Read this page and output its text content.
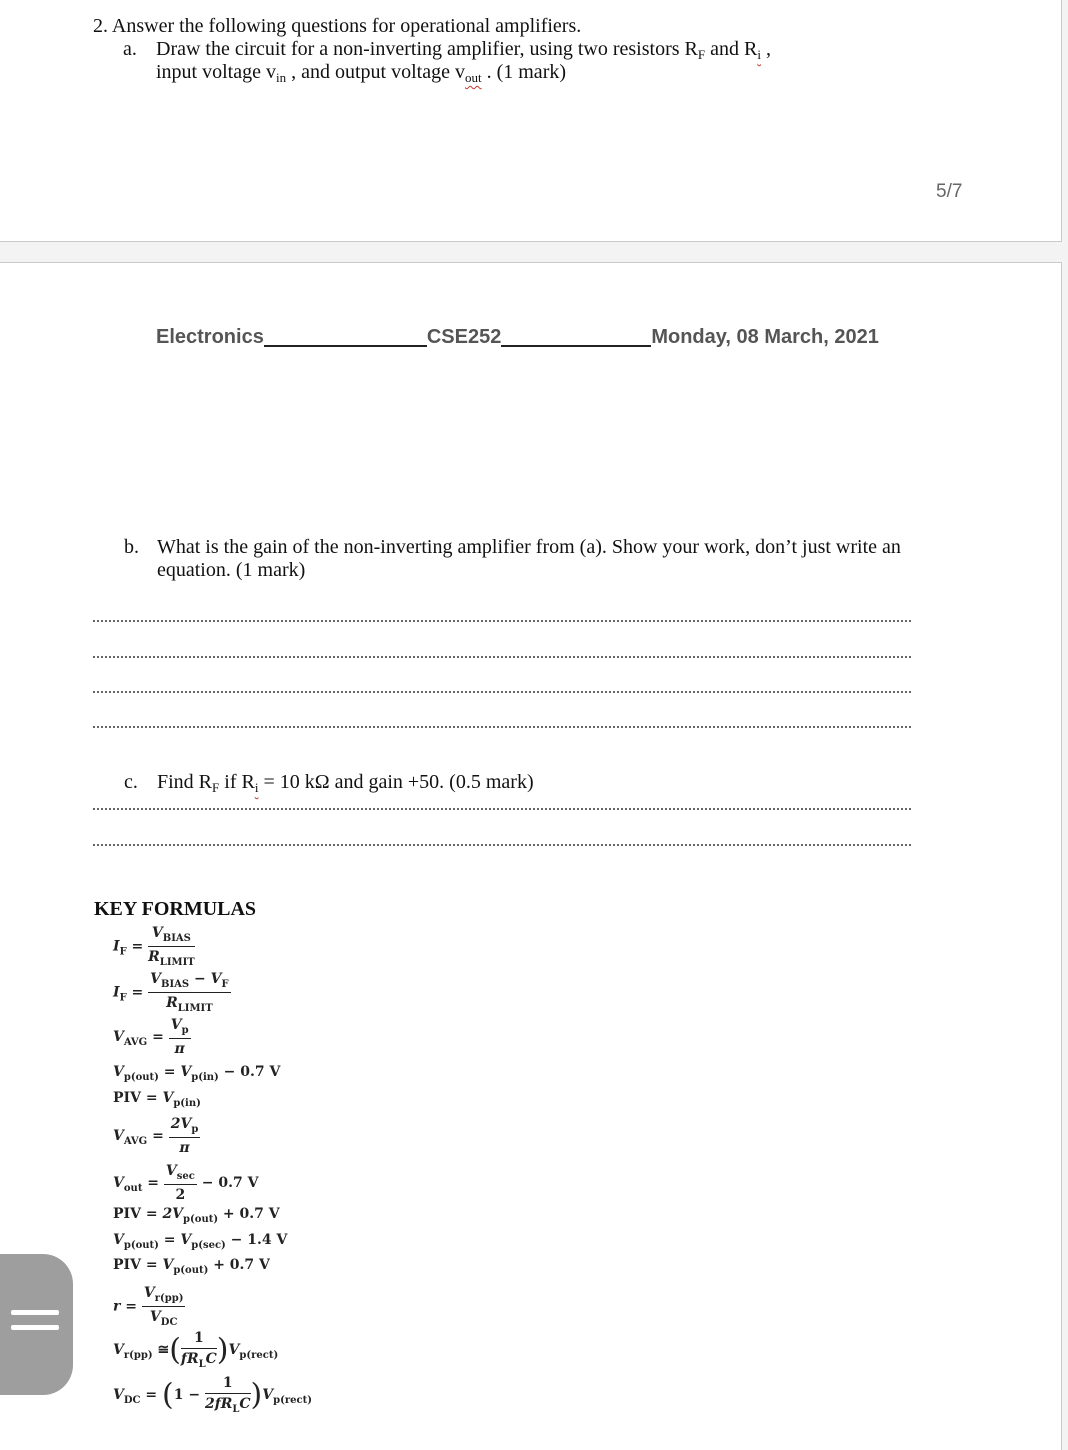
2. Answer the following questions for operational amplifiers.
a. Draw the circuit for a non-inverting amplifier, using two resistors $R_F$ and $R_i$ ,
input voltage $v_{in}$ , and output voltage $v_{out}$ . (1 mark)
5/7
Electronics	CSE252	Monday, 08 March, 2021
b. What is the gain of the non-inverting amplifier from (a). Show your work, don’t just write an
equation. (1 mark)
c. Find $R_F$ if $R_i = 10$ kΩ and gain +50. (0.5 mark)
KEY FORMULAS
$I_F = \frac{V_{BIAS}}{R_{LIMIT}}$
$I_F = \frac{V_{BIAS} - V_F}{R_{LIMIT}}$
$V_{AVG} = \frac{V_p}{\pi}$
$V_{p(out)} = V_{p(in)} - 0.7$ V
PIV = $V_{p(in)}$
$V_{AVG} = \frac{2V_p}{\pi}$
$V_{out} = \frac{V_{sec}}{2} - 0.7$ V
PIV = $2V_{p(out)} + 0.7$ V
$V_{p(out)} = V_{p(sec)} - 1.4$ V
PIV = $V_{p(out)} + 0.7$ V
$r = \frac{V_{r(pp)}}{V_{DC}}$
$V_{r(pp)}$ ≅( $\frac{1}{fR_LC} )V_{p(rect)}$
$V_{DC} = (1 - \frac{1}{2fR_LC} )V_{p(rect)}$
